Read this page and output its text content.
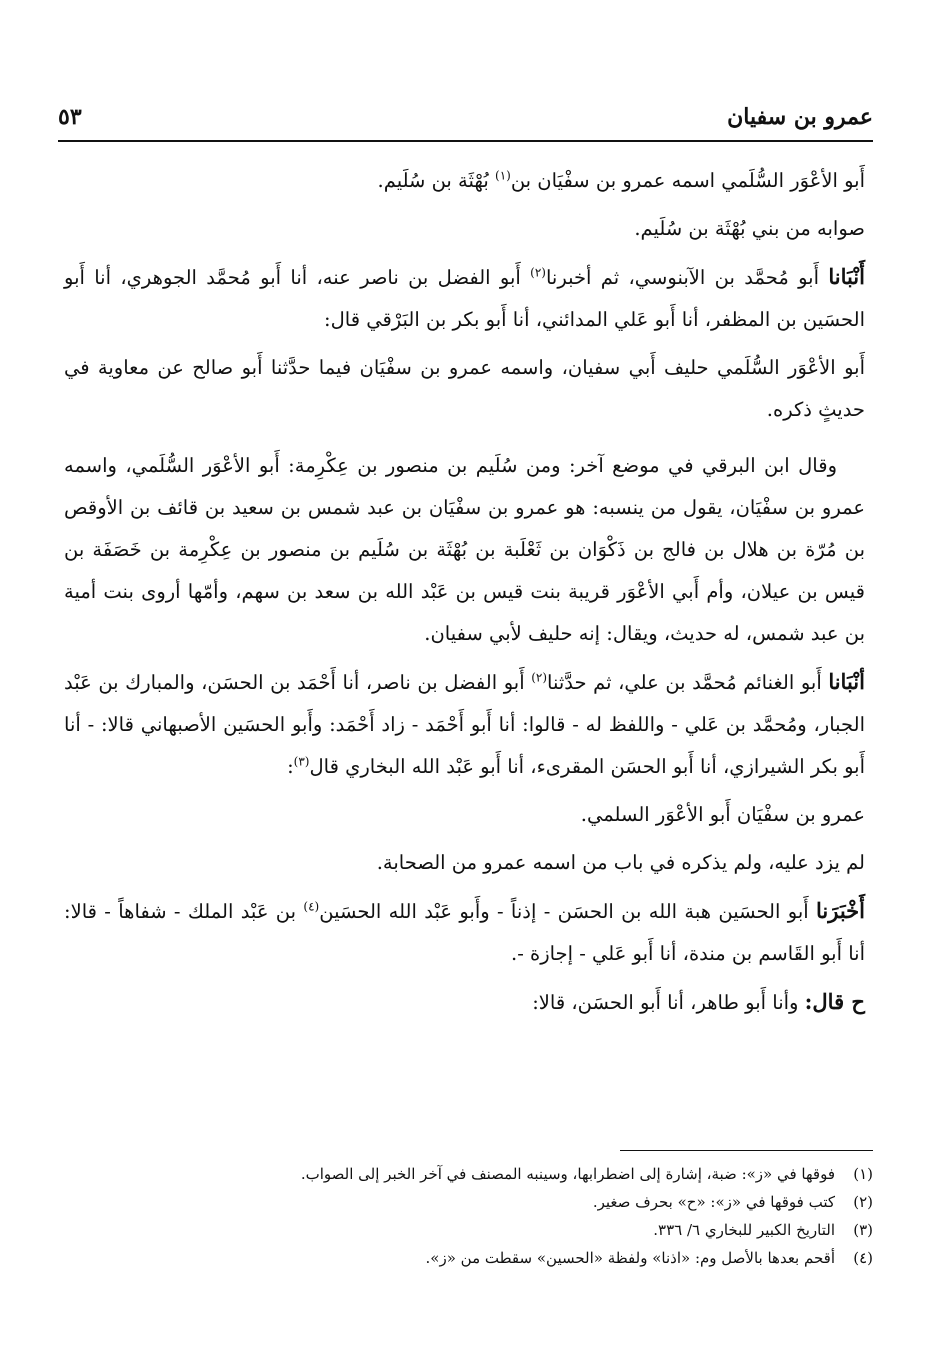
عمرو بن سفيان
٥٣

أَبو الأعْوَر السُّلَمي اسمه عمرو بن سفْيَان بن$^{(١)}$ بُهْثَة بن سُلَيم.

صوابه من بني بُهْثَة بن سُلَيم.

أَنْبَانا أَبو مُحمَّد بن الآبنوسي، ثم أخبرنا$^{(٢)}$ أَبو الفضل بن ناصر عنه، أنا أَبو مُحمَّد الجوهري، أنا أَبو الحسَين بن المظفر، أنا أَبو عَلي المدائني، أنا أَبو بكر بن البَرْقي قال:

أَبو الأعْوَر السُّلَمي حليف أَبي سفيان، واسمه عمرو بن سفْيَان فيما حدَّثنا أَبو صالح عن معاوية في حديثٍ ذكره.

وقال ابن البرقي في موضع آخر: ومن سُلَيم بن منصور بن عِكْرِمة: أَبو الأعْوَر السُّلَمي، واسمه عمرو بن سفْيَان، يقول من ينسبه: هو عمرو بن سفْيَان بن عبد شمس بن سعيد بن قائف بن الأوقص بن مُرّة بن هلال بن فالج بن ذَكْوَان بن ثَعْلَبة بن بُهْثَة بن سُلَيم بن منصور بن عِكْرِمة بن خَصَفَة بن قيس بن عيلان، وأم أَبي الأعْوَر قريبة بنت قيس بن عَبْد الله بن سعد بن سهم، وأمّها أروى بنت أمية بن عبد شمس، له حديث، ويقال: إنه حليف لأبي سفيان.

أنْبَانا أَبو الغنائم مُحمَّد بن علي، ثم حدَّثنا$^{(٢)}$ أَبو الفضل بن ناصر، أنا أَحْمَد بن الحسَن، والمبارك بن عَبْد الجبار، ومُحمَّد بن عَلي - واللفظ له - قالوا: أنا أَبو أَحْمَد - زاد أَحْمَد: وأَبو الحسَين الأصبهاني قالا: - أنا أَبو بكر الشيرازي، أنا أَبو الحسَن المقرىء، أنا أَبو عَبْد الله البخاري قال$^{(٣)}$:

عمرو بن سفْيَان أَبو الأعْوَر السلمي.

لم يزد عليه، ولم يذكره في باب من اسمه عمرو من الصحابة.

أَخْبَرَنا أَبو الحسَين هبة الله بن الحسَن - إذناً - وأَبو عَبْد الله الحسَين$^{(٤)}$ بن عَبْد الملك - شفاهاً - قالا: أنا أَبو القَاسم بن مندة، أنا أَبو عَلي - إجازة -.

ح قال: وأنا أَبو طاهر، أنا أَبو الحسَن، قالا:

(١)
فوقها في «ز»: ضبة، إشارة إلى اضطرابها، وسينبه المصنف في آخر الخبر إلى الصواب.
(٢)
كتب فوقها في «ز»: «ح» بحرف صغير.
(٣)
التاريخ الكبير للبخاري ٦/ ٣٣٦.
(٤)
أقحم بعدها بالأصل وم: «اذنا» ولفظة «الحسين» سقطت من «ز».
